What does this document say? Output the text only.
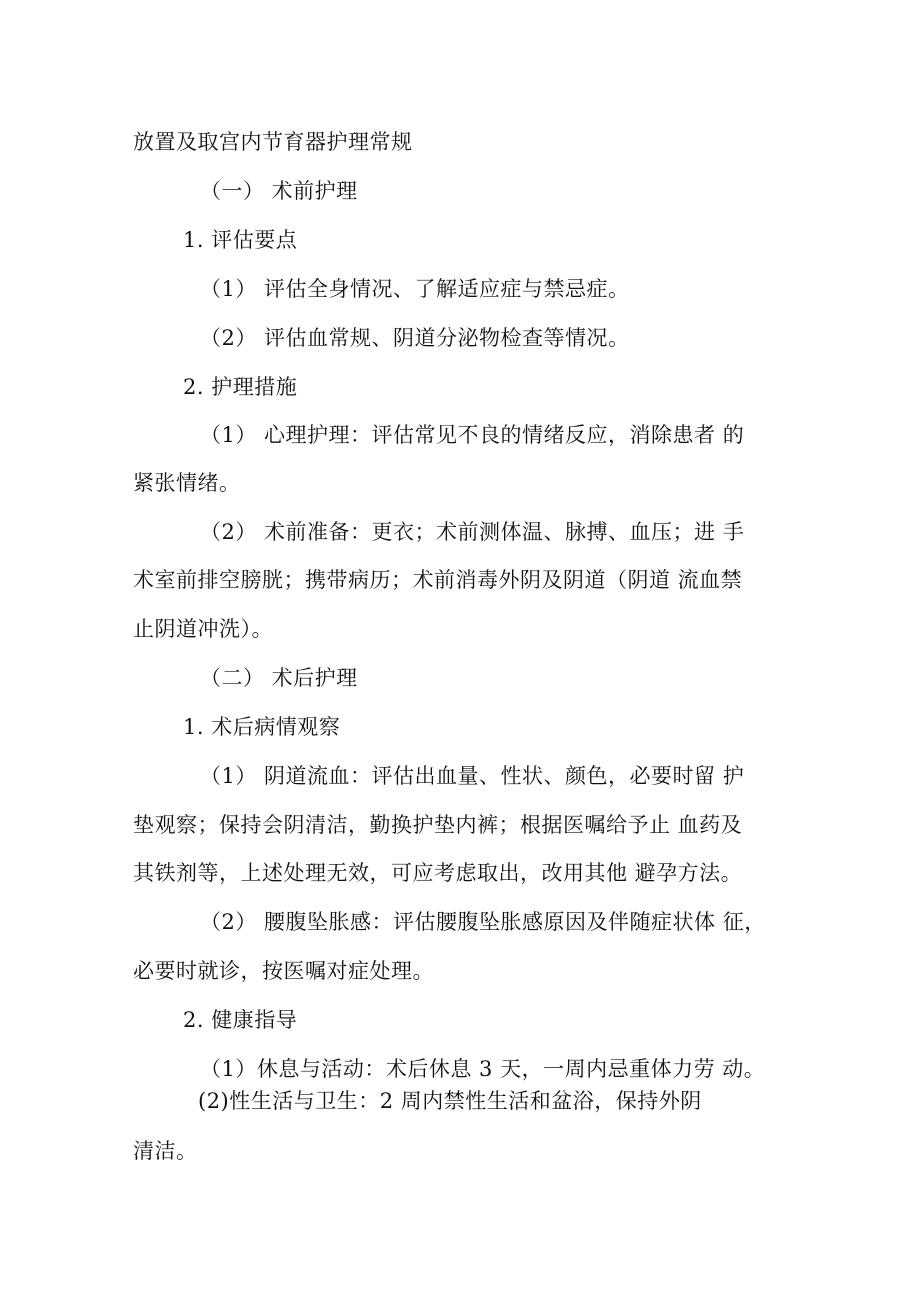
放置及取宫内节育器护理常规
（一） 术前护理
1. 评估要点
（1） 评估全身情况、了解适应症与禁忌症。
（2） 评估血常规、阴道分泌物检查等情况。
2. 护理措施
（1） 心理护理：评估常见不良的情绪反应，消除患者 的
紧张情绪。
（2） 术前准备：更衣；术前测体温、脉搏、血压；进 手
术室前排空膀胱；携带病历；术前消毒外阴及阴道（阴道 流血禁
止阴道冲洗）。
（二） 术后护理
1. 术后病情观察
（1） 阴道流血：评估出血量、性状、颜色，必要时留 护
垫观察；保持会阴清洁，勤换护垫内裤；根据医嘱给予止 血药及
其铁剂等，上述处理无效，可应考虑取出，改用其他 避孕方法。
（2） 腰腹坠胀感：评估腰腹坠胀感原因及伴随症状体 征，
必要时就诊，按医嘱对症处理。
2. 健康指导
（1）休息与活动：术后休息 3 天，一周内忌重体力劳 动。
(2)性生活与卫生：2 周内禁性生活和盆浴，保持外阴
清洁。
